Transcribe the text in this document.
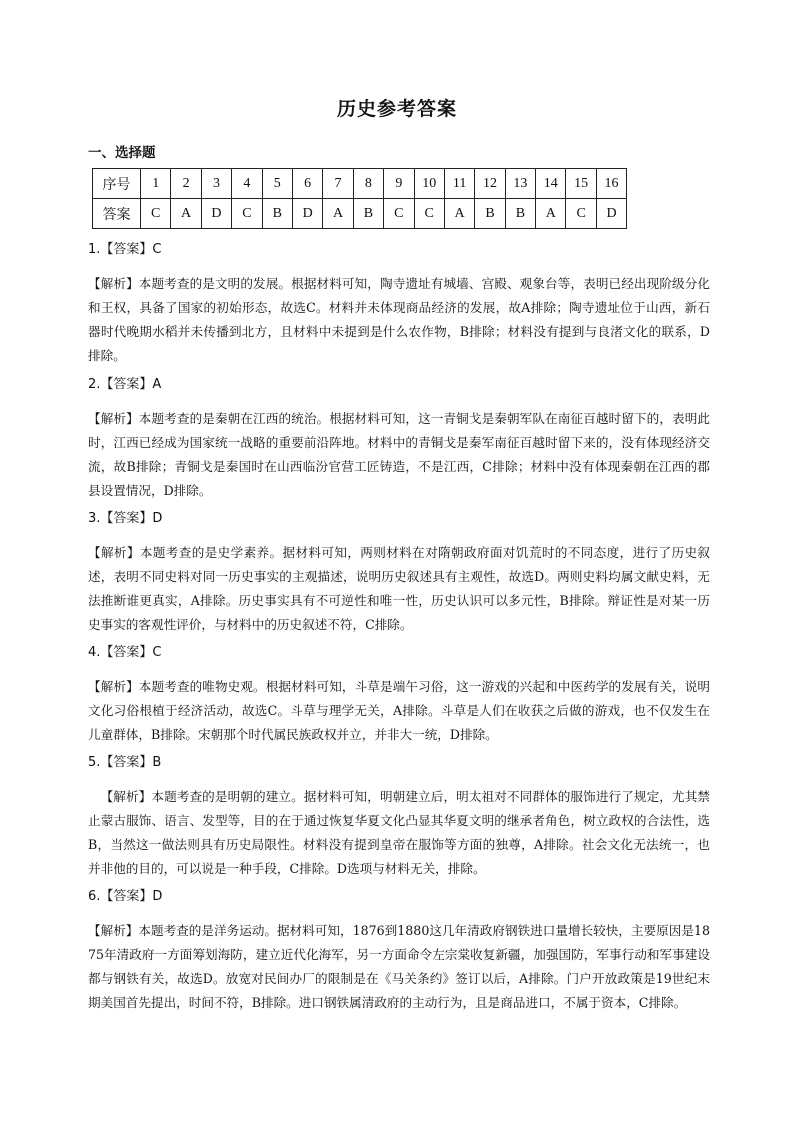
历史参考答案
一、选择题
序号	1	2	3	4	5	6	7	8	9	10	11	12	13	14	15	16
答案	C	A	D	C	B	D	A	B	C	C	A	B	B	A	C	D
1.【答案】C
【解析】本题考查的是文明的发展。根据材料可知，陶寺遗址有城墙、宫殿、观象台等，表明已经出现阶级分化和王权，具备了国家的初始形态，故选C。材料并未体现商品经济的发展，故A排除；陶寺遗址位于山西，新石器时代晚期水稻并未传播到北方，且材料中未提到是什么农作物，B排除；材料没有提到与良渚文化的联系，D排除。
2.【答案】A
【解析】本题考查的是秦朝在江西的统治。根据材料可知，这一青铜戈是秦朝军队在南征百越时留下的，表明此时，江西已经成为国家统一战略的重要前沿阵地。材料中的青铜戈是秦军南征百越时留下来的，没有体现经济交流，故B排除；青铜戈是秦国时在山西临汾官营工匠铸造，不是江西，C排除；材料中没有体现秦朝在江西的郡县设置情况，D排除。
3.【答案】D
【解析】本题考查的是史学素养。据材料可知，两则材料在对隋朝政府面对饥荒时的不同态度，进行了历史叙述，表明不同史料对同一历史事实的主观描述，说明历史叙述具有主观性，故选D。两则史料均属文献史料，无法推断谁更真实，A排除。历史事实具有不可逆性和唯一性，历史认识可以多元性，B排除。辩证性是对某一历史事实的客观性评价，与材料中的历史叙述不符，C排除。
4.【答案】C
【解析】本题考查的唯物史观。根据材料可知，斗草是端午习俗，这一游戏的兴起和中医药学的发展有关，说明文化习俗根植于经济活动，故选C。斗草与理学无关，A排除。斗草是人们在收获之后做的游戏，也不仅发生在儿童群体，B排除。宋朝那个时代属民族政权并立，并非大一统，D排除。
5.【答案】B
【解析】本题考查的是明朝的建立。据材料可知，明朝建立后，明太祖对不同群体的服饰进行了规定，尤其禁止蒙古服饰、语言、发型等，目的在于通过恢复华夏文化凸显其华夏文明的继承者角色，树立政权的合法性，选B，当然这一做法则具有历史局限性。材料没有提到皇帝在服饰等方面的独尊，A排除。社会文化无法统一，也并非他的目的，可以说是一种手段，C排除。D选项与材料无关，排除。
6.【答案】D
【解析】本题考查的是洋务运动。据材料可知，1876到1880这几年清政府钢铁进口量增长较快，主要原因是1875年清政府一方面筹划海防，建立近代化海军，另一方面命令左宗棠收复新疆，加强国防，军事行动和军事建设都与钢铁有关，故选D。放宽对民间办厂的限制是在《马关条约》签订以后，A排除。门户开放政策是19世纪末期美国首先提出，时间不符，B排除。进口钢铁属清政府的主动行为，且是商品进口，不属于资本，C排除。
